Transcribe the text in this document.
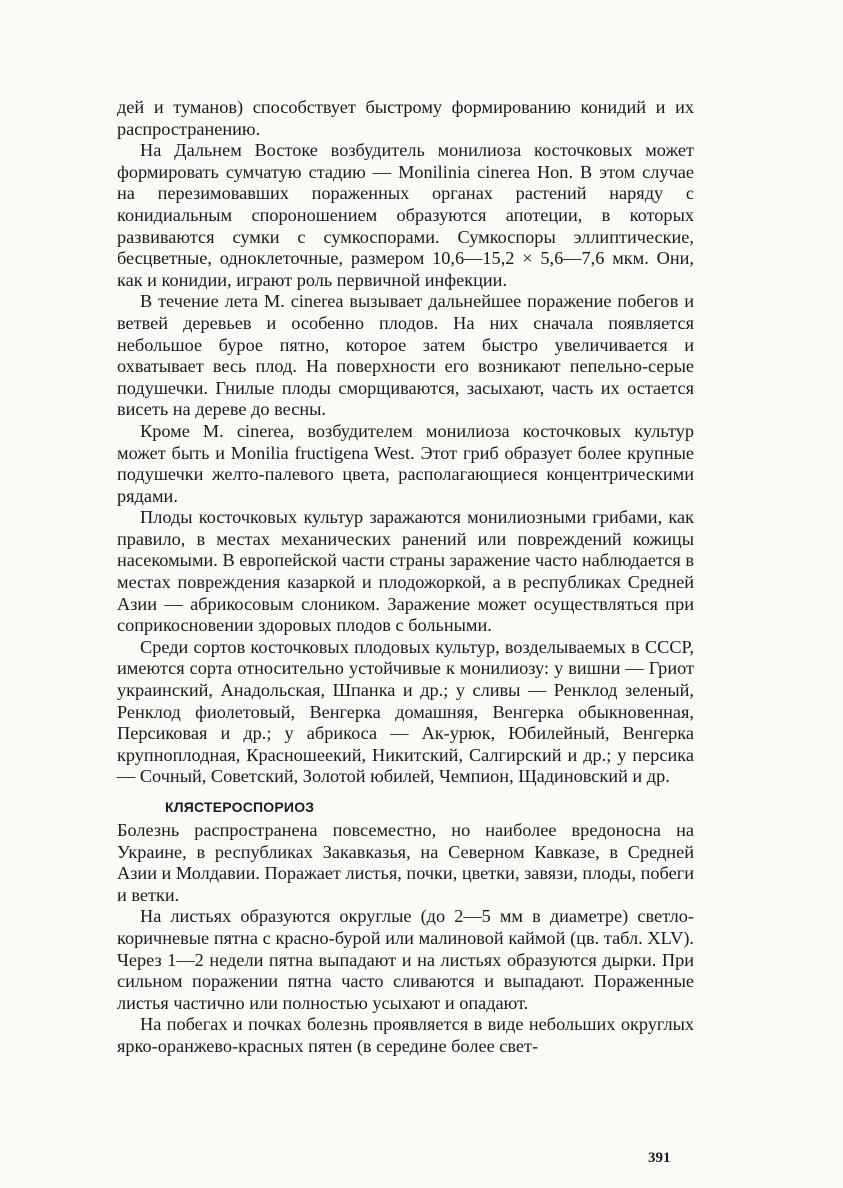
дей и туманов) способствует быстрому формированию конидий и их распространению.

На Дальнем Востоке возбудитель монилиоза косточковых может формировать сумчатую стадию — Monilinia cinerea Hon. В этом случае на перезимовавших пораженных органах растений наряду с конидиальным спороношением образуются апотеции, в которых развиваются сумки с сумкоспорами. Сумкоспоры эллиптические, бесцветные, одноклеточные, размером 10,6—15,2 × 5,6—7,6 мкм. Они, как и конидии, играют роль первичной инфекции.

В течение лета M. cinerea вызывает дальнейшее поражение побегов и ветвей деревьев и особенно плодов. На них сначала появляется небольшое бурое пятно, которое затем быстро увеличивается и охватывает весь плод. На поверхности его возникают пепельно-серые подушечки. Гнилые плоды сморщиваются, засыхают, часть их остается висеть на дереве до весны.

Кроме M. cinerea, возбудителем монилиоза косточковых культур может быть и Monilia fructigena West. Этот гриб образует более крупные подушечки желто-палевого цвета, располагающиеся концентрическими рядами.

Плоды косточковых культур заражаются монилиозными грибами, как правило, в местах механических ранений или повреждений кожицы насекомыми. В европейской части страны заражение часто наблюдается в местах повреждения казаркой и плодожоркой, а в республиках Средней Азии — абрикосовым слоником. Заражение может осуществляться при соприкосновении здоровых плодов с больными.

Среди сортов косточковых плодовых культур, возделываемых в СССР, имеются сорта относительно устойчивые к монилиозу: у вишни — Гриот украинский, Анадольская, Шпанка и др.; у сливы — Ренклод зеленый, Ренклод фиолетовый, Венгерка домашняя, Венгерка обыкновенная, Персиковая и др.; у абрикоса — Ак-урюк, Юбилейный, Венгерка крупноплодная, Красношеекий, Никитский, Салгирский и др.; у персика — Сочный, Советский, Золотой юбилей, Чемпион, Щадиновский и др.

КЛЯСТЕРОСПОРИОЗ

Болезнь распространена повсеместно, но наиболее вредоносна на Украине, в республиках Закавказья, на Северном Кавказе, в Средней Азии и Молдавии. Поражает листья, почки, цветки, завязи, плоды, побеги и ветки.

На листьях образуются округлые (до 2—5 мм в диаметре) светло-коричневые пятна с красно-бурой или малиновой каймой (цв. табл. XLV). Через 1—2 недели пятна выпадают и на листьях образуются дырки. При сильном поражении пятна часто сливаются и выпадают. Пораженные листья частично или полностью усыхают и опадают.

На побегах и почках болезнь проявляется в виде небольших округлых ярко-оранжево-красных пятен (в середине более свет-

391
